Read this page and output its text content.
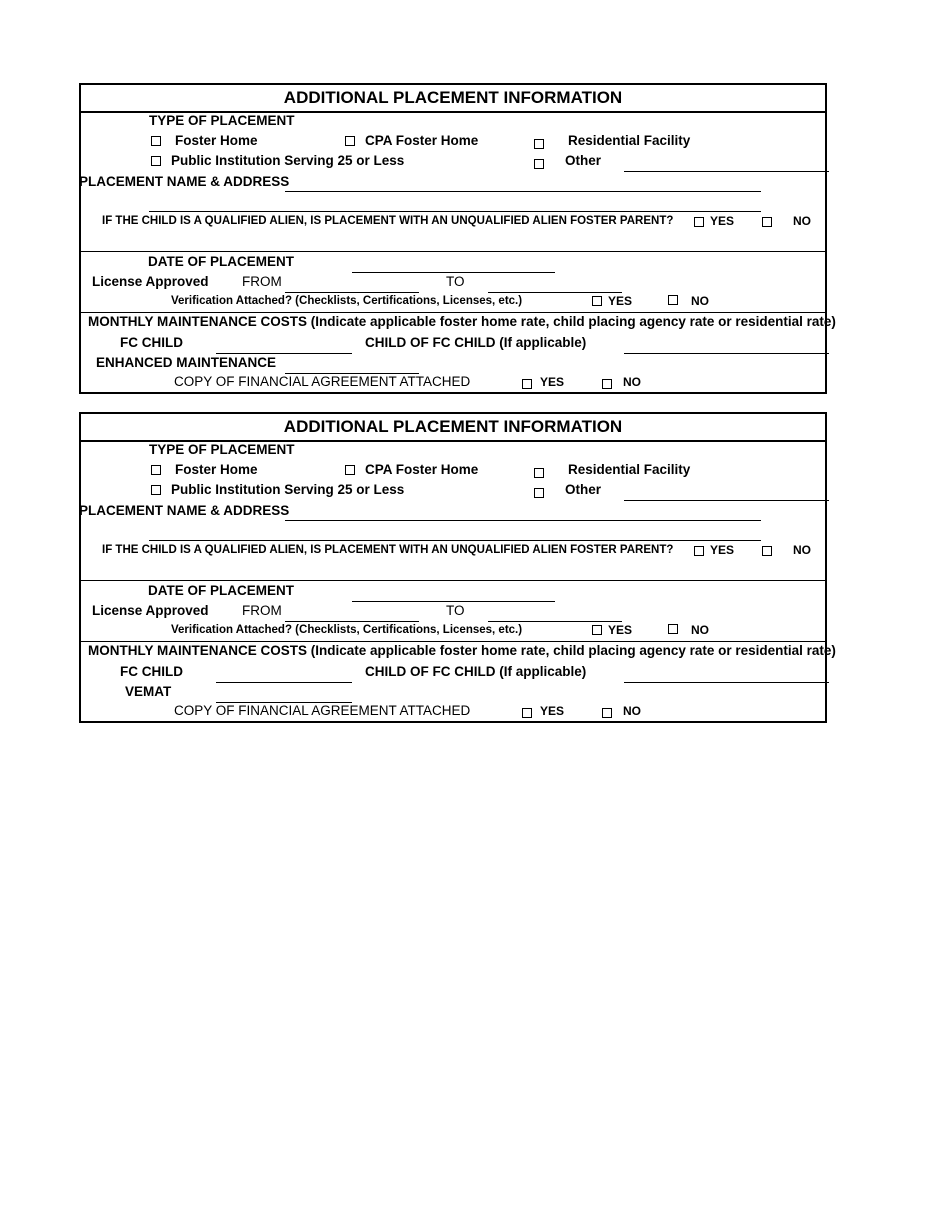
ADDITIONAL PLACEMENT INFORMATION
TYPE OF PLACEMENT
Foster Home	CPA Foster Home	Residential Facility
Public Institution Serving 25 or Less	Other
PLACEMENT NAME & ADDRESS
IF THE CHILD IS A QUALIFIED ALIEN, IS PLACEMENT WITH AN UNQUALIFIED ALIEN FOSTER PARENT?	YES	NO
DATE OF PLACEMENT
License Approved FROM	TO
Verification Attached? (Checklists, Certifications, Licenses, etc.)	YES	NO
MONTHLY MAINTENANCE COSTS (Indicate applicable foster home rate, child placing agency rate or residential rate)
FC CHILD	CHILD OF FC CHILD (If applicable)
ENHANCED MAINTENANCE
COPY OF FINANCIAL AGREEMENT ATTACHED	YES	NO
ADDITIONAL PLACEMENT INFORMATION
TYPE OF PLACEMENT
Foster Home	CPA Foster Home	Residential Facility
Public Institution Serving 25 or Less	Other
PLACEMENT NAME & ADDRESS
IF THE CHILD IS A QUALIFIED ALIEN, IS PLACEMENT WITH AN UNQUALIFIED ALIEN FOSTER PARENT?	YES	NO
DATE OF PLACEMENT
License Approved FROM	TO
Verification Attached? (Checklists, Certifications, Licenses, etc.)	YES	NO
MONTHLY MAINTENANCE COSTS (Indicate applicable foster home rate, child placing agency rate or residential rate)
FC CHILD	CHILD OF FC CHILD (If applicable)
VEMAT
COPY OF FINANCIAL AGREEMENT ATTACHED	YES	NO
